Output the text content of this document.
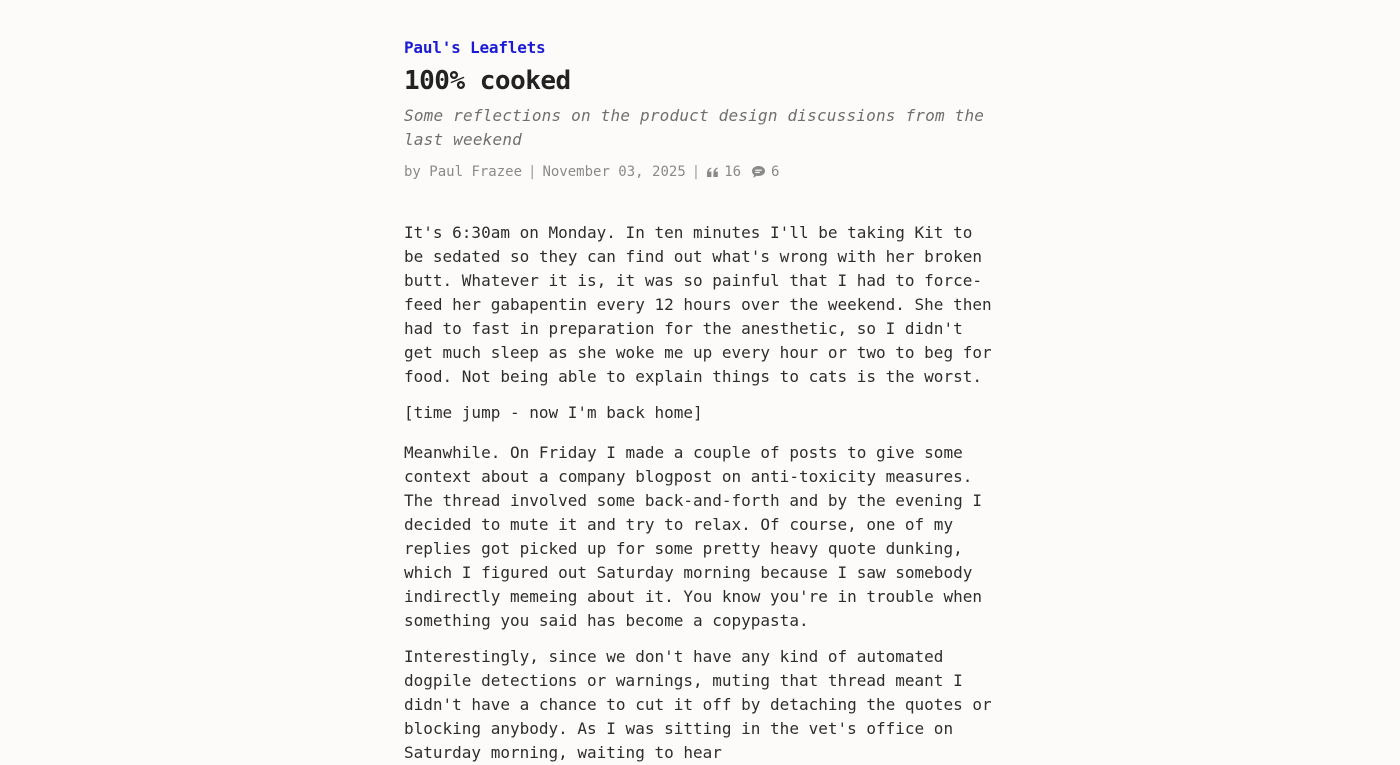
Paul's Leaflets
100% cooked

Some reflections on the product design discussions from the last weekend

by
Paul Frazee | November 03, 2025 | 16 6

It's 6:30am on Monday. In ten minutes I'll be taking Kit to be sedated so they can find out what's wrong with her broken butt. Whatever it is, it was so painful that I had to force-feed her gabapentin every 12 hours over the weekend. She then had to fast in preparation for the anesthetic, so I didn't get much sleep as she woke me up every hour or two to beg for food. Not being able to explain things to cats is the worst.

[time jump - now I'm back home]

Meanwhile. On Friday I made a couple of posts to give some context about a company blogpost on anti-toxicity measures. The thread involved some back-and-forth and by the evening I decided to mute it and try to relax. Of course, one of my replies got picked up for some pretty heavy quote dunking, which I figured out Saturday morning because I saw somebody indirectly memeing about it. You know you're in trouble when something you said has become a copypasta.

Interestingly, since we don't have any kind of automated dogpile detections or warnings, muting that thread meant I didn't have a chance to cut it off by detaching the quotes or blocking anybody. As I was sitting in the vet's office on Saturday morning, waiting to hear
